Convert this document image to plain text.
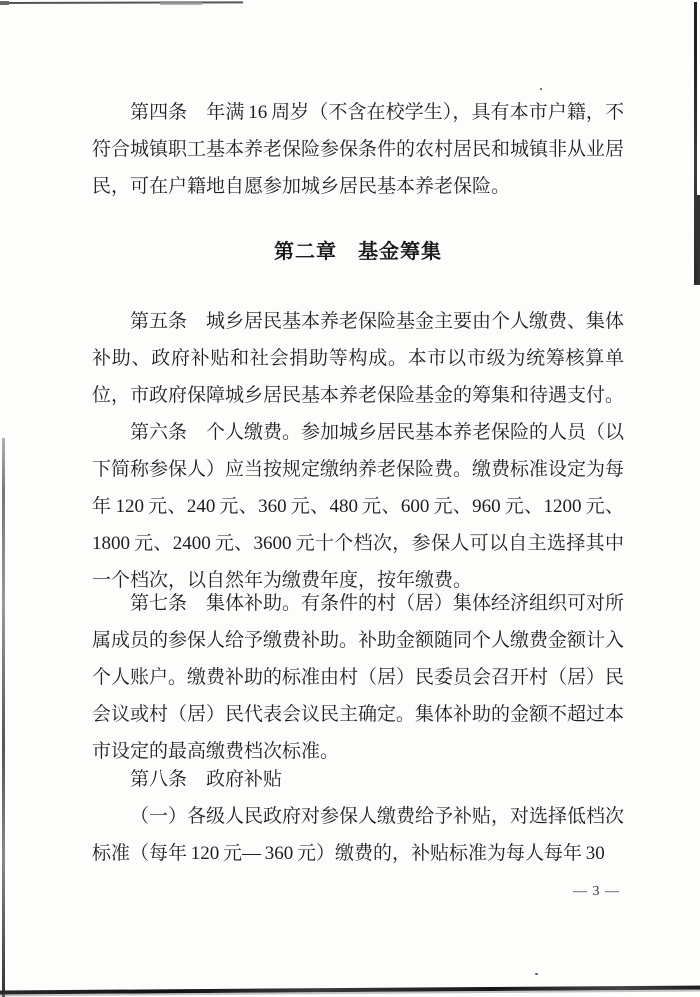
第四条　年满 16 周岁（不含在校学生），具有本市户籍，不符合城镇职工基本养老保险参保条件的农村居民和城镇非从业居民，可在户籍地自愿参加城乡居民基本养老保险。

第二章　基金筹集

第五条　城乡居民基本养老保险基金主要由个人缴费、集体补助、政府补贴和社会捐助等构成。本市以市级为统筹核算单位，市政府保障城乡居民基本养老保险基金的筹集和待遇支付。

第六条　个人缴费。参加城乡居民基本养老保险的人员（以下简称参保人）应当按规定缴纳养老保险费。缴费标准设定为每年 120 元、240 元、360 元、480 元、600 元、960 元、1200 元、1800 元、2400 元、3600 元十个档次，参保人可以自主选择其中一个档次，以自然年为缴费年度，按年缴费。

第七条　集体补助。有条件的村（居）集体经济组织可对所属成员的参保人给予缴费补助。补助金额随同个人缴费金额计入个人账户。缴费补助的标准由村（居）民委员会召开村（居）民会议或村（居）民代表会议民主确定。集体补助的金额不超过本市设定的最高缴费档次标准。

第八条　政府补贴

（一）各级人民政府对参保人缴费给予补贴，对选择低档次标准（每年 120 元— 360 元）缴费的，补贴标准为每人每年 30

— 3 —
